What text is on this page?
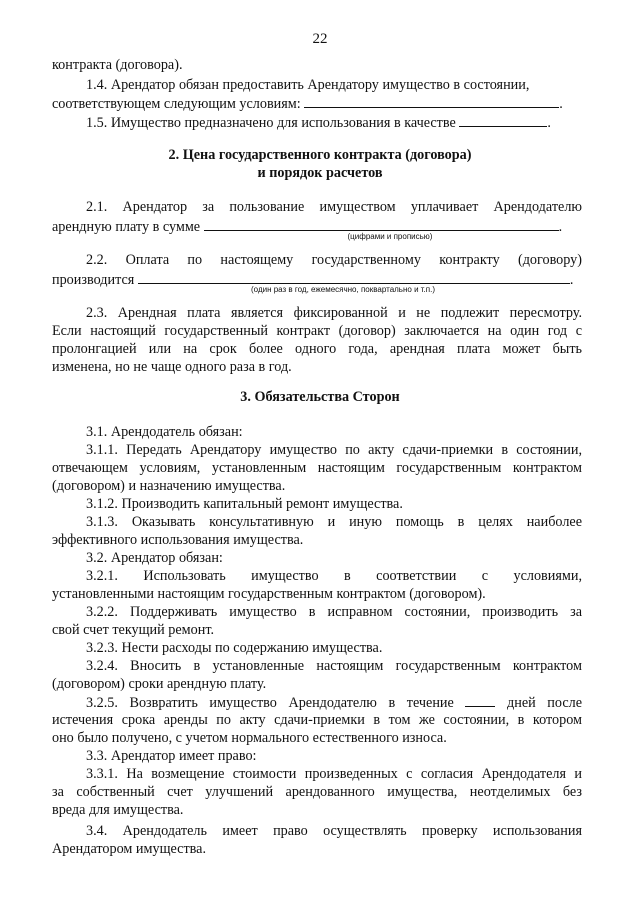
22
контракта (договора).
1.4. Арендатор обязан предоставить Арендатору имущество в состоянии,
соответствующем следующим условиям:	.
1.5. Имущество предназначено для использования в качестве	.
2. Цена государственного контракта (договора)
и порядок расчетов
2.1. Арендатор за пользование имуществом уплачивает Арендодателю
арендную плату в сумме	.
(цифрами и прописью)
2.2. Оплата по настоящему государственному контракту (договору)
производится	.
(один раз в год, ежемесячно, поквартально и т.п.)
2.3. Арендная плата является фиксированной и не подлежит пересмотру.
Если настоящий государственный контракт (договор) заключается на один год с
пролонгацией или на срок более одного года, арендная плата может быть
изменена, но не чаще одного раза в год.
3. Обязательства Сторон
3.1. Арендодатель обязан:
3.1.1. Передать Арендатору имущество по акту сдачи-приемки в состоянии,
отвечающем условиям, установленным настоящим государственным контрактом
(договором) и назначению имущества.
3.1.2. Производить капитальный ремонт имущества.
3.1.3. Оказывать консультативную и иную помощь в целях наиболее
эффективного использования имущества.
3.2. Арендатор обязан:
3.2.1. Использовать имущество в соответствии с условиями,
установленными настоящим государственным контрактом (договором).
3.2.2. Поддерживать имущество в исправном состоянии, производить за
свой счет текущий ремонт.
3.2.3. Нести расходы по содержанию имущества.
3.2.4. Вносить в установленные настоящим государственным контрактом
(договором) сроки арендную плату.
3.2.5. Возвратить имущество Арендодателю в течение	дней после
истечения срока аренды по акту сдачи-приемки в том же состоянии, в котором
оно было получено, с учетом нормального естественного износа.
3.3. Арендатор имеет право:
3.3.1. На возмещение стоимости произведенных с согласия Арендодателя и
за собственный счет улучшений арендованного имущества, неотделимых без
вреда для имущества.
3.4. Арендодатель имеет право осуществлять проверку использования
Арендатором имущества.
